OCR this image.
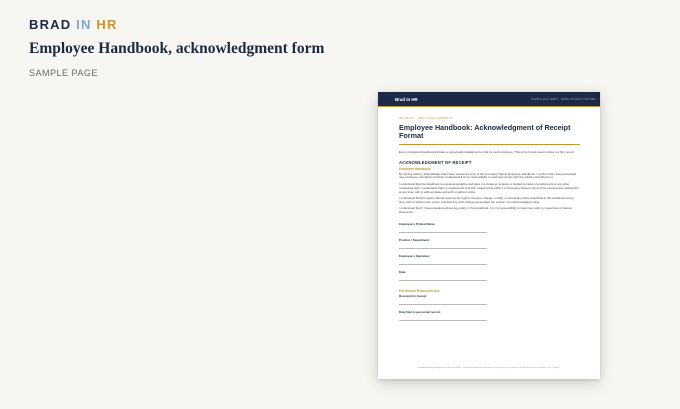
BRAD IN HR
Employee Handbook, acknowledgment form
SAMPLE PAGE
Brad In HR	SAMPLE DOCUMENT · WORD PROJECT PREVIEW
HR READY · EMPLOYEE HANDBOOK
Employee Handbook: Acknowledgment of Receipt Format

Every completed handbook includes a signed acknowledgment on file for each employee. This is the format used to show our firm record.

ACKNOWLEDGMENT OF RECEIPT
Employee Handbook

By signing below, I acknowledge that I have received a copy of the [Company Name] Employee Handbook. I confirm that I have completed new employee orientation and that I understand it is my responsibility to read and comply with the policies described in it.

I understand that the Handbook is a general guideline and does not create an express or implied contract of employment or any other contractual right. I understand that my employment is at will, meaning that either I or [Company Name] may end the employment relationship at any time, with or without cause and with or without notice.

I understand that [Company Name] reserves the right to interpret, change, modify, or cancel any policy described in this Handbook at any time, with or without prior notice, and that any such change supersedes the version I am acknowledging today.

I understand that if I have questions about any policy in the Handbook, it is my responsibility to raise them with my supervisor or Human Resources.

Employee's Printed Name:
Position / Department:
Employee's Signature:
Date:
For Human Resources Use
Received by (name):
Date filed in personnel record:
Handbook Acknowledgment of Receipt Form · Sample template for illustration. Review by your counsel, advisor, and state law before use. | Page 1
